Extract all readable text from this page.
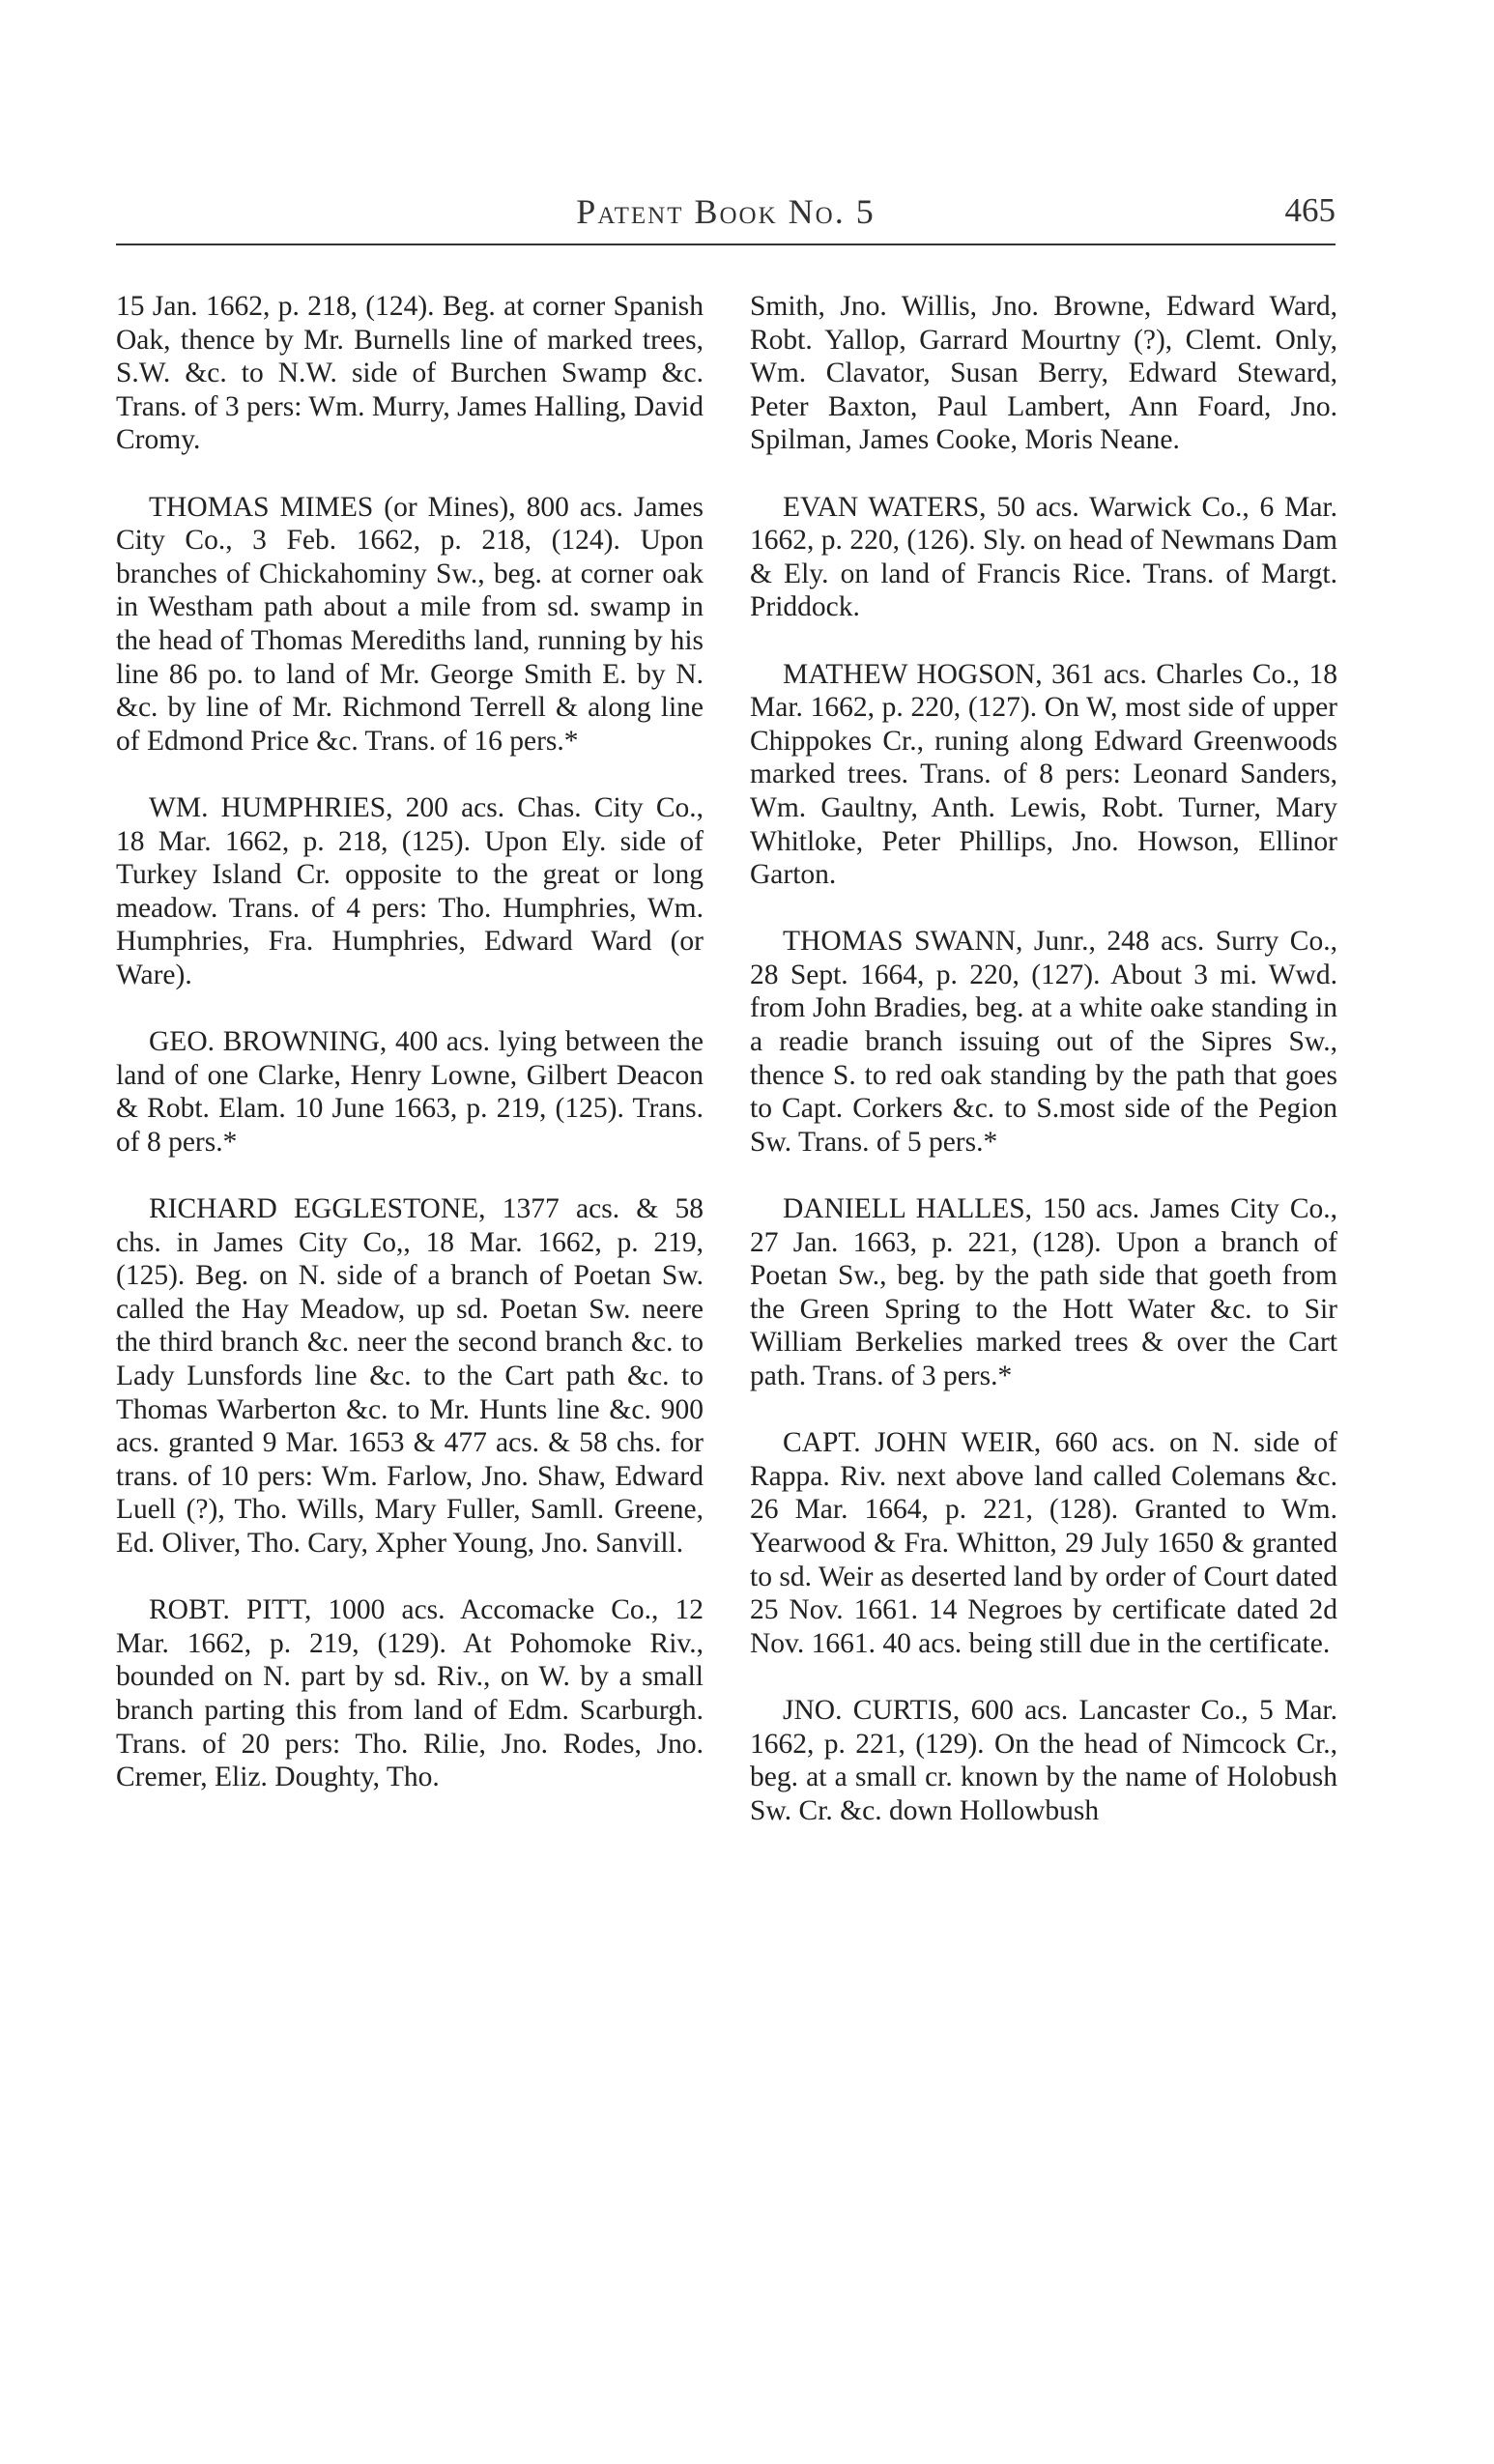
Patent Book No. 5	465

15 Jan. 1662, p. 218, (124). Beg. at corner Spanish Oak, thence by Mr. Burnells line of marked trees, S.W. &c. to N.W. side of Burchen Swamp &c. Trans. of 3 pers: Wm. Murry, James Halling, David Cromy.

THOMAS MIMES (or Mines), 800 acs. James City Co., 3 Feb. 1662, p. 218, (124). Upon branches of Chickahominy Sw., beg. at corner oak in Westham path about a mile from sd. swamp in the head of Thomas Merediths land, running by his line 86 po. to land of Mr. George Smith E. by N. &c. by line of Mr. Richmond Terrell & along line of Edmond Price &c. Trans. of 16 pers.*

WM. HUMPHRIES, 200 acs. Chas. City Co., 18 Mar. 1662, p. 218, (125). Upon Ely. side of Turkey Island Cr. opposite to the great or long meadow. Trans. of 4 pers: Tho. Humphries, Wm. Humphries, Fra. Humphries, Edward Ward (or Ware).

GEO. BROWNING, 400 acs. lying between the land of one Clarke, Henry Lowne, Gilbert Deacon & Robt. Elam. 10 June 1663, p. 219, (125). Trans. of 8 pers.*

RICHARD EGGLESTONE, 1377 acs. & 58 chs. in James City Co,, 18 Mar. 1662, p. 219, (125). Beg. on N. side of a branch of Poetan Sw. called the Hay Meadow, up sd. Poetan Sw. neere the third branch &c. neer the second branch &c. to Lady Lunsfords line &c. to the Cart path &c. to Thomas Warberton &c. to Mr. Hunts line &c. 900 acs. granted 9 Mar. 1653 & 477 acs. & 58 chs. for trans. of 10 pers: Wm. Farlow, Jno. Shaw, Edward Luell (?), Tho. Wills, Mary Fuller, Samll. Greene, Ed. Oliver, Tho. Cary, Xpher Young, Jno. Sanvill.

ROBT. PITT, 1000 acs. Accomacke Co., 12 Mar. 1662, p. 219, (129). At Pohomoke Riv., bounded on N. part by sd. Riv., on W. by a small branch parting this from land of Edm. Scarburgh. Trans. of 20 pers: Tho. Rilie, Jno. Rodes, Jno. Cremer, Eliz. Doughty, Tho.

Smith, Jno. Willis, Jno. Browne, Edward Ward, Robt. Yallop, Garrard Mourtny (?), Clemt. Only, Wm. Clavator, Susan Berry, Edward Steward, Peter Baxton, Paul Lambert, Ann Foard, Jno. Spilman, James Cooke, Moris Neane.

EVAN WATERS, 50 acs. Warwick Co., 6 Mar. 1662, p. 220, (126). Sly. on head of Newmans Dam & Ely. on land of Francis Rice. Trans. of Margt. Priddock.

MATHEW HOGSON, 361 acs. Charles Co., 18 Mar. 1662, p. 220, (127). On W, most side of upper Chippokes Cr., runing along Edward Greenwoods marked trees. Trans. of 8 pers: Leonard Sanders, Wm. Gaultny, Anth. Lewis, Robt. Turner, Mary Whitloke, Peter Phillips, Jno. Howson, Ellinor Garton.

THOMAS SWANN, Junr., 248 acs. Surry Co., 28 Sept. 1664, p. 220, (127). About 3 mi. Wwd. from John Bradies, beg. at a white oake standing in a readie branch issuing out of the Sipres Sw., thence S. to red oak standing by the path that goes to Capt. Corkers &c. to S.most side of the Pegion Sw. Trans. of 5 pers.*

DANIELL HALLES, 150 acs. James City Co., 27 Jan. 1663, p. 221, (128). Upon a branch of Poetan Sw., beg. by the path side that goeth from the Green Spring to the Hott Water &c. to Sir William Berkelies marked trees & over the Cart path. Trans. of 3 pers.*

CAPT. JOHN WEIR, 660 acs. on N. side of Rappa. Riv. next above land called Colemans &c. 26 Mar. 1664, p. 221, (128). Granted to Wm. Yearwood & Fra. Whitton, 29 July 1650 & granted to sd. Weir as deserted land by order of Court dated 25 Nov. 1661. 14 Negroes by certificate dated 2d Nov. 1661. 40 acs. being still due in the certificate.

JNO. CURTIS, 600 acs. Lancaster Co., 5 Mar. 1662, p. 221, (129). On the head of Nimcock Cr., beg. at a small cr. known by the name of Holobush Sw. Cr. &c. down Hollowbush
